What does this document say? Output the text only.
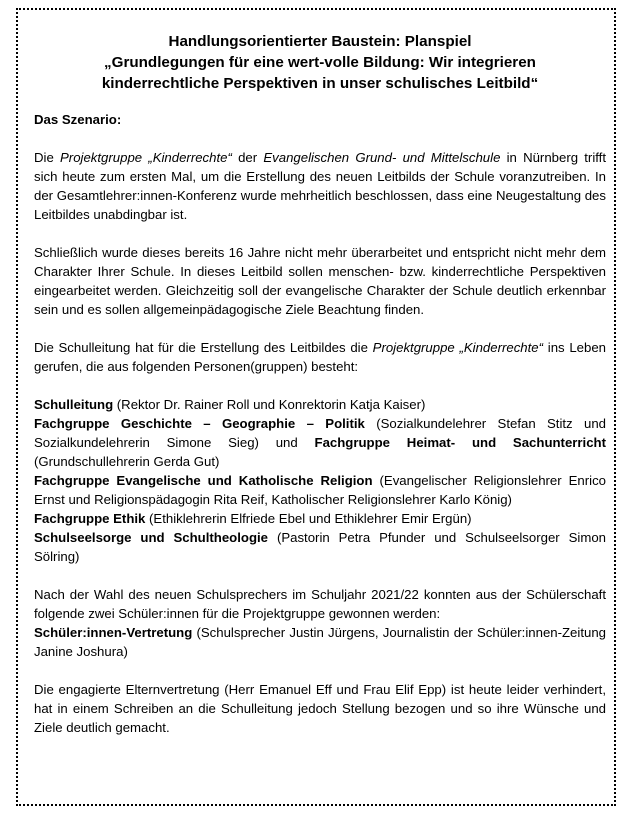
Handlungsorientierter Baustein: Planspiel
„Grundlegungen für eine wert-volle Bildung: Wir integrieren
kinderrechtliche Perspektiven in unser schulisches Leitbild“
Das Szenario:

Die Projektgruppe „Kinderrechte“ der Evangelischen Grund- und Mittelschule in Nürnberg trifft sich heute zum ersten Mal, um die Erstellung des neuen Leitbilds der Schule voranzutreiben. In der Gesamtlehrer:innen-Konferenz wurde mehrheitlich beschlossen, dass eine Neugestaltung des Leitbildes unabdingbar ist.

Schließlich wurde dieses bereits 16 Jahre nicht mehr überarbeitet und entspricht nicht mehr dem Charakter Ihrer Schule. In dieses Leitbild sollen menschen- bzw. kinderrechtliche Perspektiven eingearbeitet werden. Gleichzeitig soll der evangelische Charakter der Schule deutlich erkennbar sein und es sollen allgemeinpädagogische Ziele Beachtung finden.

Die Schulleitung hat für die Erstellung des Leitbildes die Projektgruppe „Kinderrechte“ ins Leben gerufen, die aus folgenden Personen(gruppen) besteht:

Schulleitung (Rektor Dr. Rainer Roll und Konrektorin Katja Kaiser)

Fachgruppe Geschichte – Geographie – Politik (Sozialkundelehrer Stefan Stitz und Sozialkundelehrerin Simone Sieg) und Fachgruppe Heimat- und Sachunterricht (Grundschullehrerin Gerda Gut)

Fachgruppe Evangelische und Katholische Religion (Evangelischer Religionslehrer Enrico Ernst und Religionspädagogin Rita Reif, Katholischer Religionslehrer Karlo König)

Fachgruppe Ethik (Ethiklehrerin Elfriede Ebel und Ethiklehrer Emir Ergün)

Schulseelsorge und Schultheologie (Pastorin Petra Pfunder und Schulseelsorger Simon Sölring)

Nach der Wahl des neuen Schulsprechers im Schuljahr 2021/22 konnten aus der Schülerschaft folgende zwei Schüler:innen für die Projektgruppe gewonnen werden:
Schüler:innen-Vertretung (Schulsprecher Justin Jürgens, Journalistin der Schüler:innen-Zeitung Janine Joshura)

Die engagierte Elternvertretung (Herr Emanuel Eff und Frau Elif Epp) ist heute leider verhindert, hat in einem Schreiben an die Schulleitung jedoch Stellung bezogen und so ihre Wünsche und Ziele deutlich gemacht.
